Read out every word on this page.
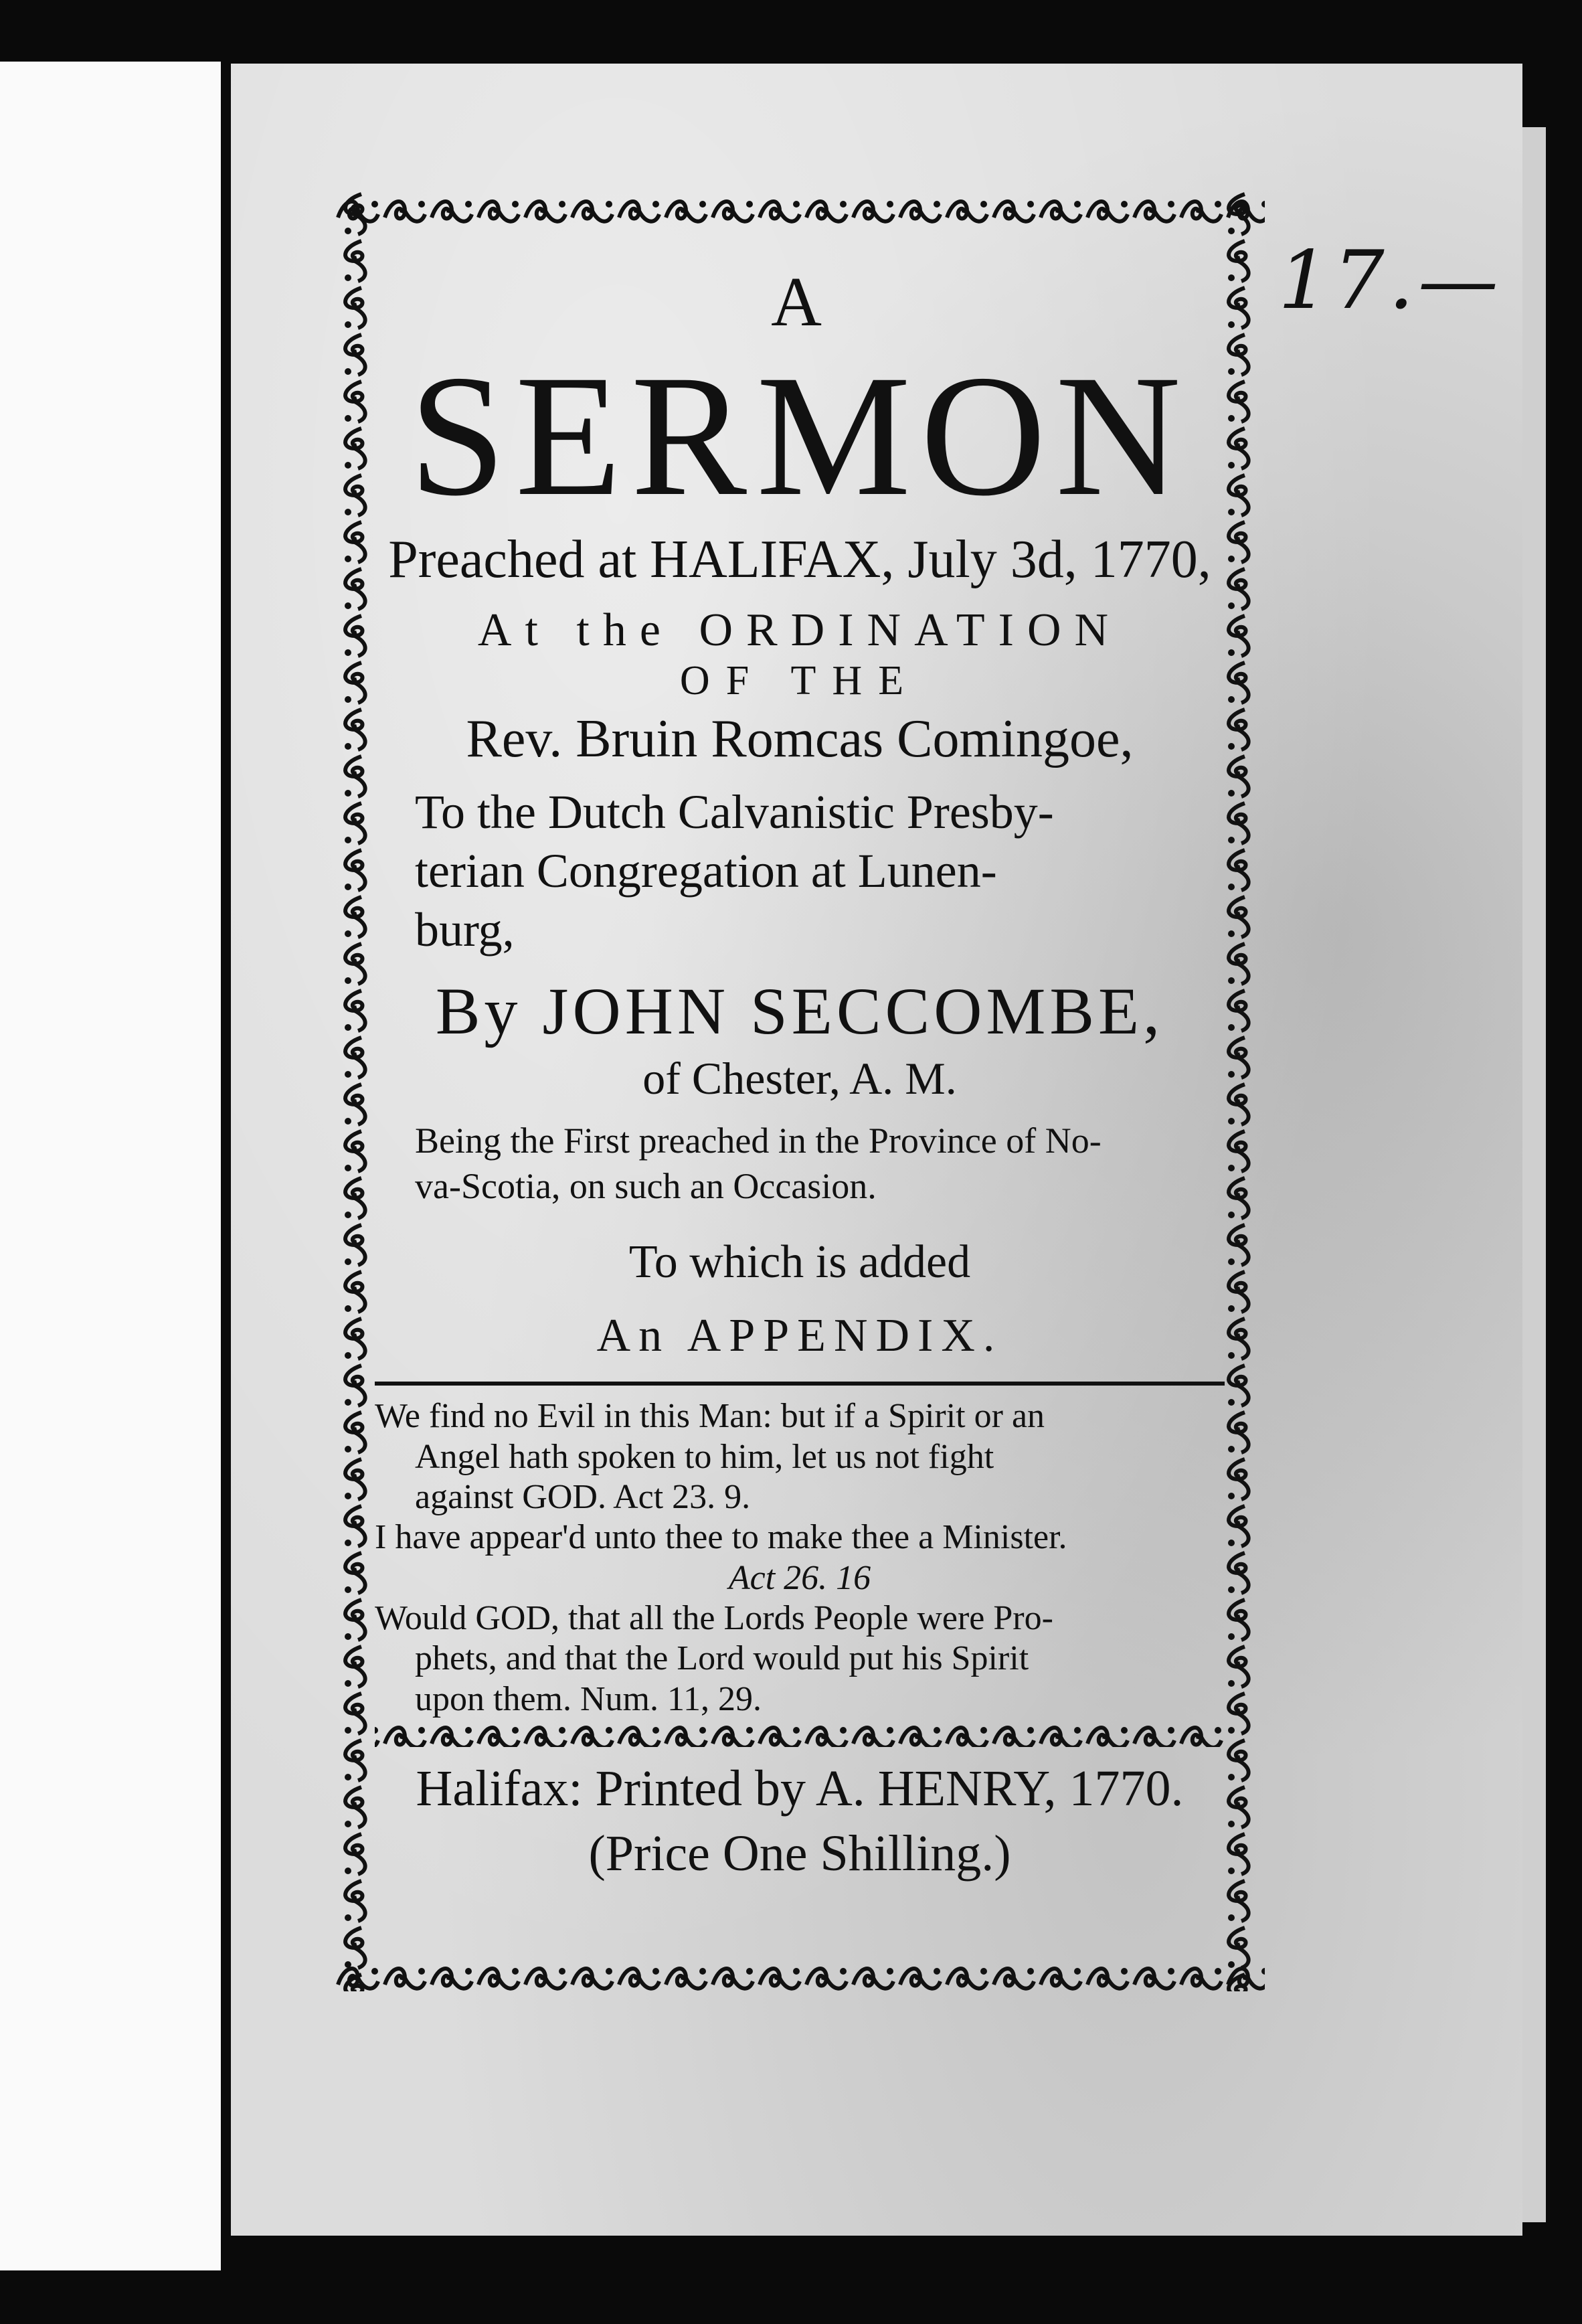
17.—
A
SERMON
Preached at HALIFAX, July 3d, 1770,
At the ORDINATION
OF THE
Rev. Bruin Romcas Comingoe,
To the Dutch Calvanistic Presby-
terian Congregation at Lunen-
burg,
By JOHN SECCOMBE,
of Chester, A. M.
Being the First preached in the Province of No-
va-Scotia, on such an Occasion.
To which is added
An APPENDIX.
We find no Evil in this Man: but if a Spirit or an
Angel hath spoken to him, let us not fight
against GOD. Act 23. 9.
I have appear'd unto thee to make thee a Minister.
Act 26. 16
Would GOD, that all the Lords People were Pro-
phets, and that the Lord would put his Spirit
upon them. Num. 11, 29.
Halifax: Printed by A. HENRY, 1770.
(Price One Shilling.)
